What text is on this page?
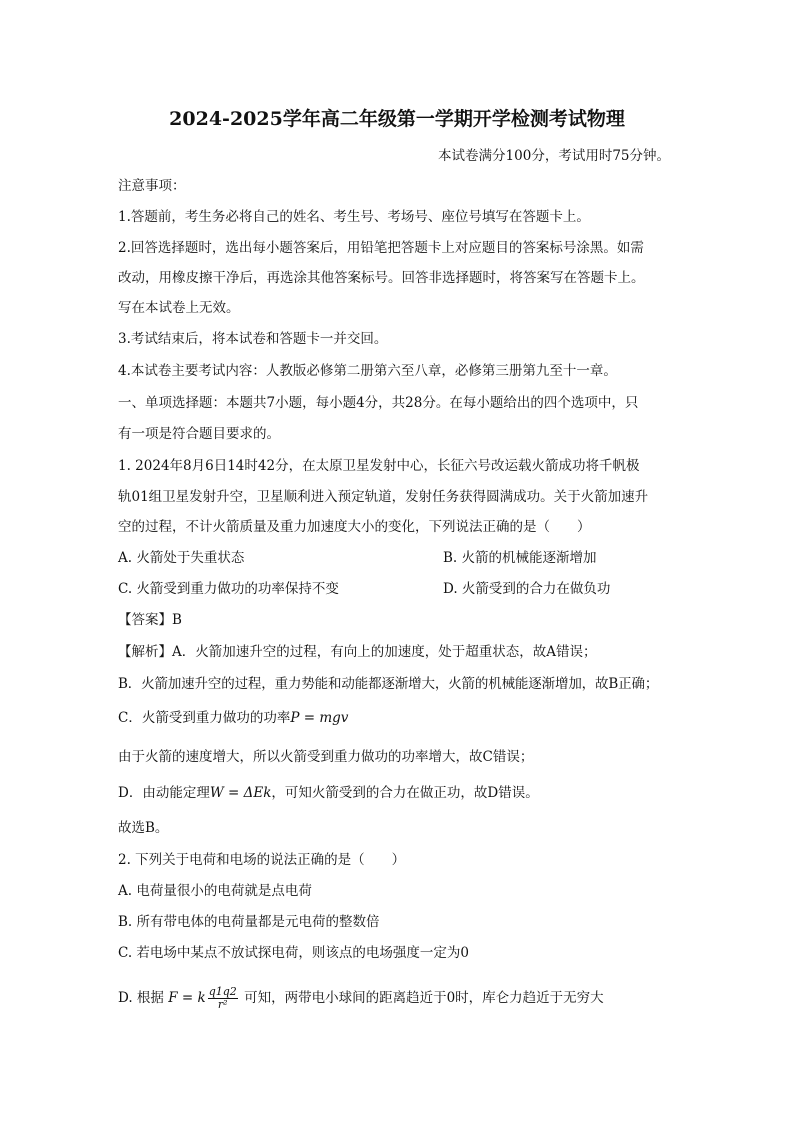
2024-2025学年高二年级第一学期开学检测考试物理
本试卷满分100分，考试用时75分钟。
注意事项：
1.答题前，考生务必将自己的姓名、考生号、考场号、座位号填写在答题卡上。
2.回答选择题时，选出每小题答案后，用铅笔把答题卡上对应题目的答案标号涂黑。如需
改动，用橡皮擦干净后，再选涂其他答案标号。回答非选择题时，将答案写在答题卡上。
写在本试卷上无效。
3.考试结束后，将本试卷和答题卡一并交回。
4.本试卷主要考试内容：人教版必修第二册第六至八章，必修第三册第九至十一章。
一、单项选择题：本题共7小题，每小题4分，共28分。在每小题给出的四个选项中，只
有一项是符合题目要求的。
1. 2024年8月6日14时42分，在太原卫星发射中心，长征六号改运载火箭成功将千帆极
轨01组卫星发射升空，卫星顺利进入预定轨道，发射任务获得圆满成功。关于火箭加速升
空的过程，不计火箭质量及重力加速度大小的变化，下列说法正确的是（　　）
A. 火箭处于失重状态	B. 火箭的机械能逐渐增加
C. 火箭受到重力做功的功率保持不变	D. 火箭受到的合力在做负功
【答案】B
【解析】A．火箭加速升空的过程，有向上的加速度，处于超重状态，故A错误；
B．火箭加速升空的过程，重力势能和动能都逐渐增大，火箭的机械能逐渐增加，故B正确；
C．火箭受到重力做功的功率P = mgv
由于火箭的速度增大，所以火箭受到重力做功的功率增大，故C错误；
D．由动能定理W = ΔEk，可知火箭受到的合力在做正功，故D错误。
故选B。
2. 下列关于电荷和电场的说法正确的是（　　）
A. 电荷量很小的电荷就是点电荷
B. 所有带电体的电荷量都是元电荷的整数倍
C. 若电场中某点不放试探电荷，则该点的电场强度一定为0
D. 根据 F = k $\frac{q1q2}{\text{r²}}$ 可知，两带电小球间的距离趋近于0时，库仑力趋近于无穷大
